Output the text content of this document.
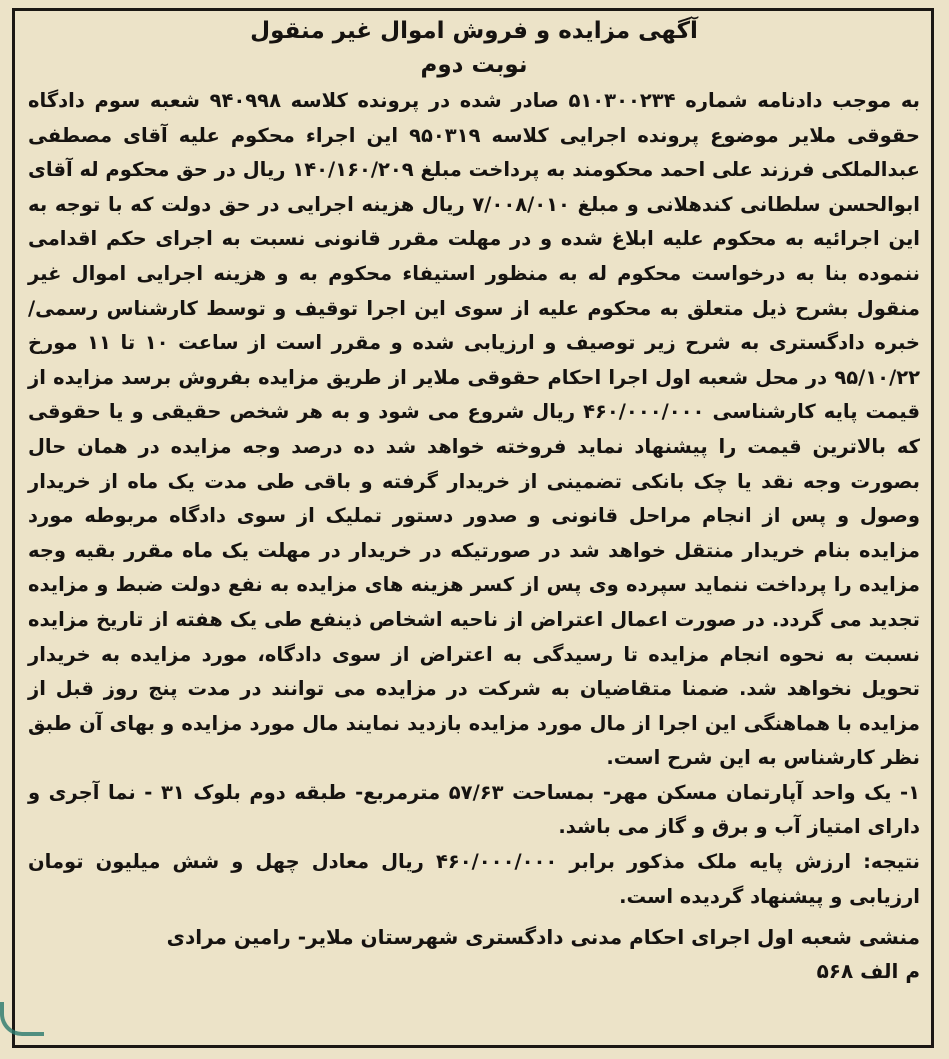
آگهی مزایده و فروش اموال غیر منقول

نوبت دوم

به موجب دادنامه شماره ۵۱۰۳۰۰۲۳۴ صادر شده در پرونده کلاسه ۹۴۰۹۹۸ شعبه سوم دادگاه حقوقی ملایر موضوع پرونده اجرایی کلاسه ۹۵۰۳۱۹ این اجراء محکوم علیه آقای مصطفی عبدالملکی فرزند علی احمد محکومند به پرداخت مبلغ ۱۴۰/۱۶۰/۲۰۹ ریال در حق محکوم له آقای ابوالحسن سلطانی کندهلانی و مبلغ ۷/۰۰۸/۰۱۰ ریال هزینه اجرایی در حق دولت که با توجه به این اجرائیه به محکوم علیه ابلاغ شده و در مهلت مقرر قانونی نسبت به اجرای حکم اقدامی ننموده بنا به درخواست محکوم له به منظور استیفاء محکوم به و هزینه اجرایی اموال غیر منقول بشرح ذیل متعلق به محکوم علیه از سوی این اجرا توقیف و توسط کارشناس رسمی/ خبره دادگستری به شرح زیر توصیف و ارزیابی شده و مقرر است از ساعت ۱۰ تا ۱۱ مورخ ۹۵/۱۰/۲۲ در محل شعبه اول اجرا احکام حقوقی ملایر از طریق مزایده بفروش برسد مزایده از قیمت پایه کارشناسی ۴۶۰/۰۰۰/۰۰۰ ریال شروع می شود و به هر شخص حقیقی و یا حقوقی که بالاترین قیمت را پیشنهاد نماید فروخته خواهد شد ده درصد وجه مزایده در همان حال بصورت وجه نقد یا چک بانکی تضمینی از خریدار گرفته و باقی طی مدت یک ماه از خریدار وصول و پس از انجام مراحل قانونی و صدور دستور تملیک از سوی دادگاه مربوطه مورد مزایده بنام خریدار منتقل خواهد شد در صورتیکه در خریدار در مهلت یک ماه مقرر بقیه وجه مزایده را پرداخت ننماید سپرده وی پس از کسر هزینه های مزایده به نفع دولت ضبط و مزایده تجدید می گردد. در صورت اعمال اعتراض از ناحیه اشخاص ذینفع طی یک هفته از تاریخ مزایده نسبت به نحوه انجام مزایده تا رسیدگی به اعتراض از سوی دادگاه، مورد مزایده به خریدار تحویل نخواهد شد. ضمنا متقاضیان به شرکت در مزایده می توانند در مدت پنج روز قبل از مزایده با هماهنگی این اجرا از مال مورد مزایده بازدید نمایند مال مورد مزایده و بهای آن طبق نظر کارشناس به این شرح است.

۱- یک واحد آپارتمان مسکن مهر- بمساحت ۵۷/۶۳ مترمربع- طبقه دوم بلوک ۳۱ - نما آجری و دارای امتیاز آب و برق و گاز می باشد.

نتیجه: ارزش پایه ملک مذکور برابر ۴۶۰/۰۰۰/۰۰۰ ریال معادل چهل و شش میلیون تومان ارزیابی و پیشنهاد گردیده است.

منشی شعبه اول اجرای احکام مدنی دادگستری شهرستان ملایر- رامین مرادی

م الف ۵۶۸
